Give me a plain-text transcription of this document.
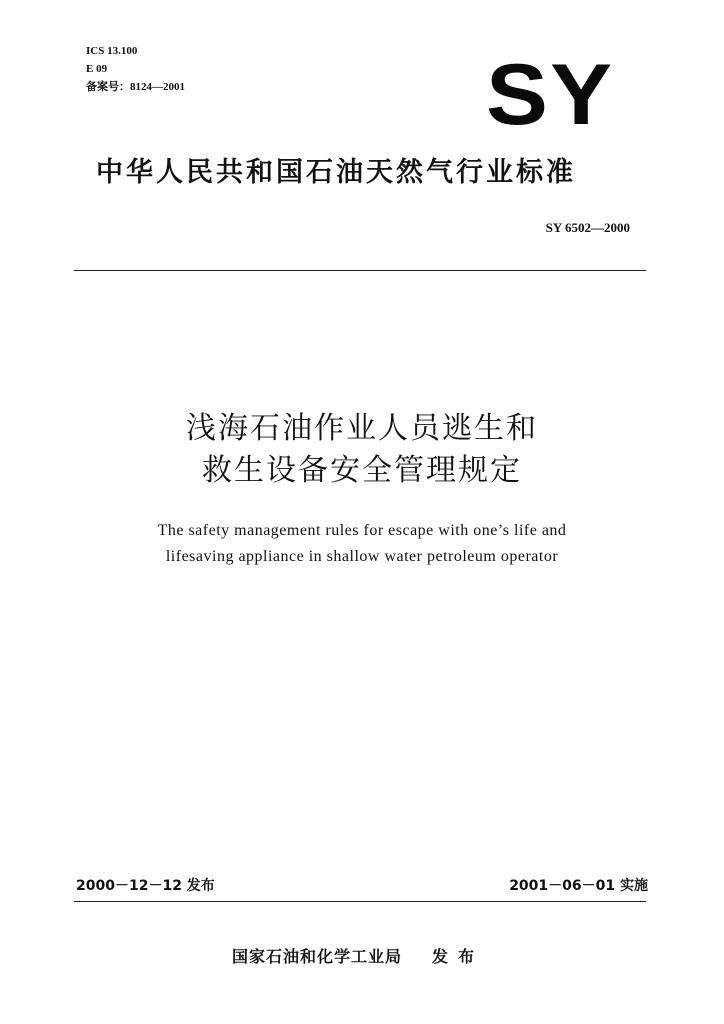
ICS 13.100
E 09
备案号：8124—2001	SY
中华人民共和国石油天然气行业标准
SY 6502—2000
浅海石油作业人员逃生和
救生设备安全管理规定
The safety management rules for escape with one’s life and
lifesaving appliance in shallow water petroleum operator
2000－12－12 发布	2001－06－01 实施
国家石油和化学工业局 发布
